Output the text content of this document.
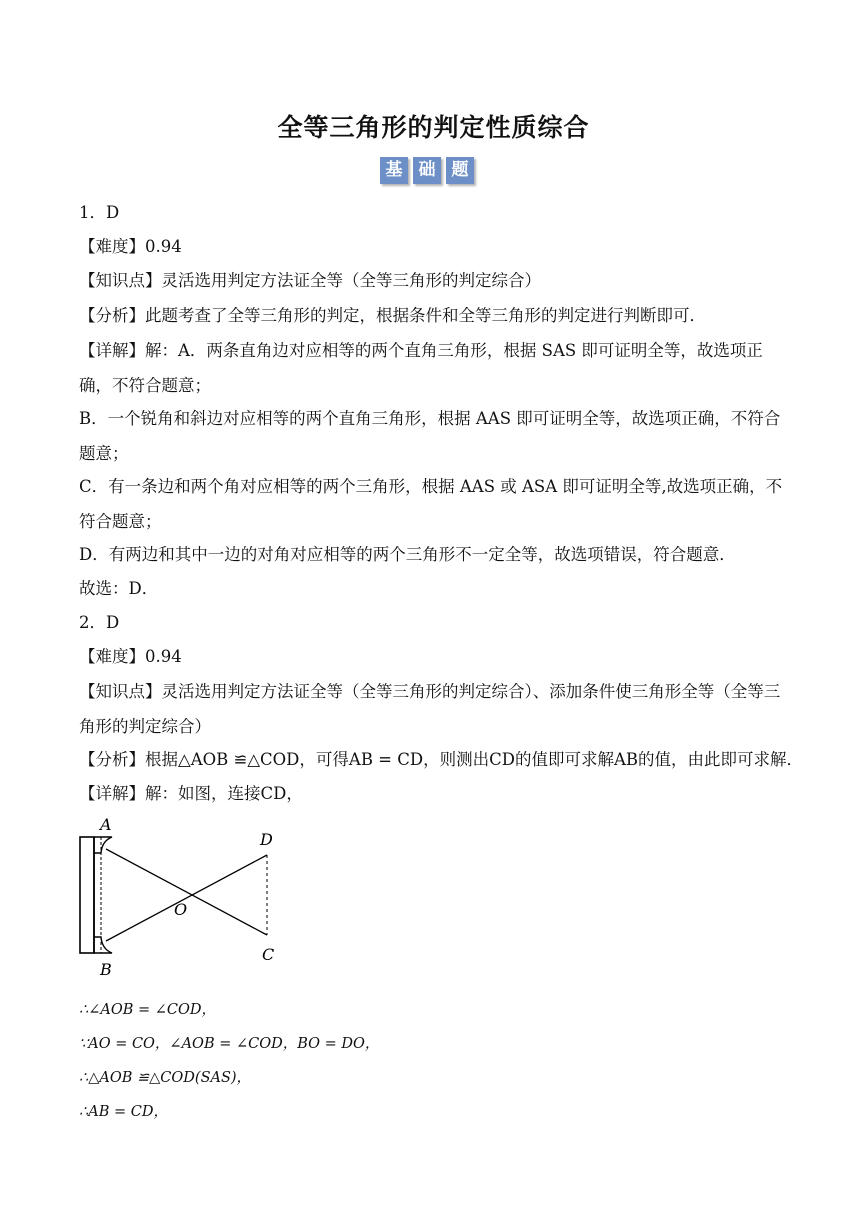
全等三角形的判定性质综合
基 础 题
1．D
【难度】0.94
【知识点】灵活选用判定方法证全等（全等三角形的判定综合）
【分析】此题考查了全等三角形的判定，根据条件和全等三角形的判定进行判断即可．
【详解】解：A．两条直角边对应相等的两个直角三角形，根据 SAS 即可证明全等，故选项正确，不符合题意；
B．一个锐角和斜边对应相等的两个直角三角形，根据 AAS 即可证明全等，故选项正确，不符合题意；
C．有一条边和两个角对应相等的两个三角形，根据 AAS 或 ASA 即可证明全等,故选项正确，不符合题意；
D．有两边和其中一边的对角对应相等的两个三角形不一定全等，故选项错误，符合题意．
故选：D．
2．D
【难度】0.94
【知识点】灵活选用判定方法证全等（全等三角形的判定综合）、添加条件使三角形全等（全等三角形的判定综合）
【分析】根据△AOB ≌△COD，可得AB = CD，则测出CD的值即可求解AB的值，由此即可求解．
【详解】解：如图，连接CD，
A
B
D
C
O
∴∠AOB = ∠COD，
∵AO = CO，∠AOB = ∠COD，BO = DO，
∴△AOB ≌△COD(SAS)，
∴AB = CD，
